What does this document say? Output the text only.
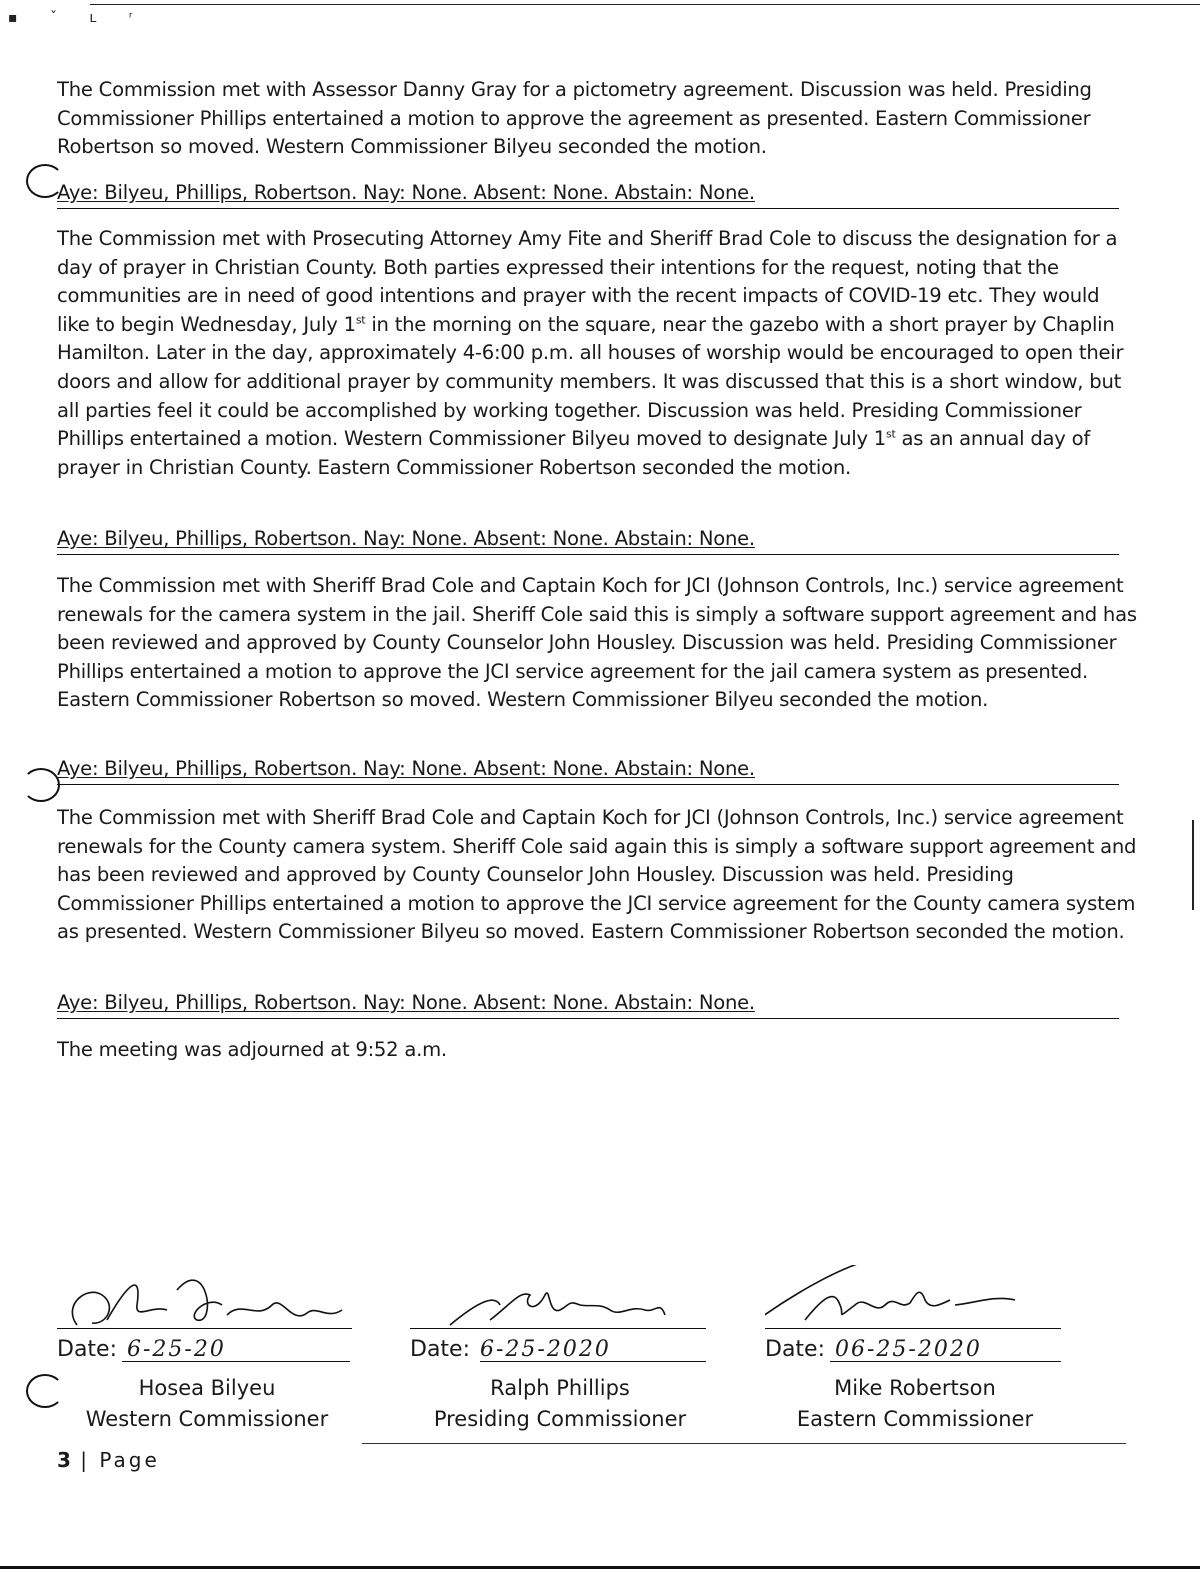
▪ ˇ ʟ ʳ

The Commission met with Assessor Danny Gray for a pictometry agreement. Discussion was held. Presiding Commissioner Phillips entertained a motion to approve the agreement as presented. Eastern Commissioner Robertson so moved. Western Commissioner Bilyeu seconded the motion.

Aye: Bilyeu, Phillips, Robertson. Nay: None. Absent: None. Abstain: None.

The Commission met with Prosecuting Attorney Amy Fite and Sheriff Brad Cole to discuss the designation for a day of prayer in Christian County. Both parties expressed their intentions for the request, noting that the communities are in need of good intentions and prayer with the recent impacts of COVID-19 etc. They would like to begin Wednesday, July 1st in the morning on the square, near the gazebo with a short prayer by Chaplin Hamilton. Later in the day, approximately 4-6:00 p.m. all houses of worship would be encouraged to open their doors and allow for additional prayer by community members. It was discussed that this is a short window, but all parties feel it could be accomplished by working together. Discussion was held. Presiding Commissioner Phillips entertained a motion. Western Commissioner Bilyeu moved to designate July 1st as an annual day of prayer in Christian County. Eastern Commissioner Robertson seconded the motion.

Aye: Bilyeu, Phillips, Robertson. Nay: None. Absent: None. Abstain: None.

The Commission met with Sheriff Brad Cole and Captain Koch for JCI (Johnson Controls, Inc.) service agreement renewals for the camera system in the jail. Sheriff Cole said this is simply a software support agreement and has been reviewed and approved by County Counselor John Housley. Discussion was held. Presiding Commissioner Phillips entertained a motion to approve the JCI service agreement for the jail camera system as presented. Eastern Commissioner Robertson so moved. Western Commissioner Bilyeu seconded the motion.

Aye: Bilyeu, Phillips, Robertson. Nay: None. Absent: None. Abstain: None.

The Commission met with Sheriff Brad Cole and Captain Koch for JCI (Johnson Controls, Inc.) service agreement renewals for the County camera system. Sheriff Cole said again this is simply a software support agreement and has been reviewed and approved by County Counselor John Housley. Discussion was held. Presiding Commissioner Phillips entertained a motion to approve the JCI service agreement for the County camera system as presented. Western Commissioner Bilyeu so moved. Eastern Commissioner Robertson seconded the motion.

Aye: Bilyeu, Phillips, Robertson. Nay: None. Absent: None. Abstain: None.

The meeting was adjourned at 9:52 a.m.

Date: 6-25-20
Hosea Bilyeu
Western Commissioner
Date: 6-25-2020
Ralph Phillips
Presiding Commissioner
Date: 06-25-2020
Mike Robertson
Eastern Commissioner
3 | Page
